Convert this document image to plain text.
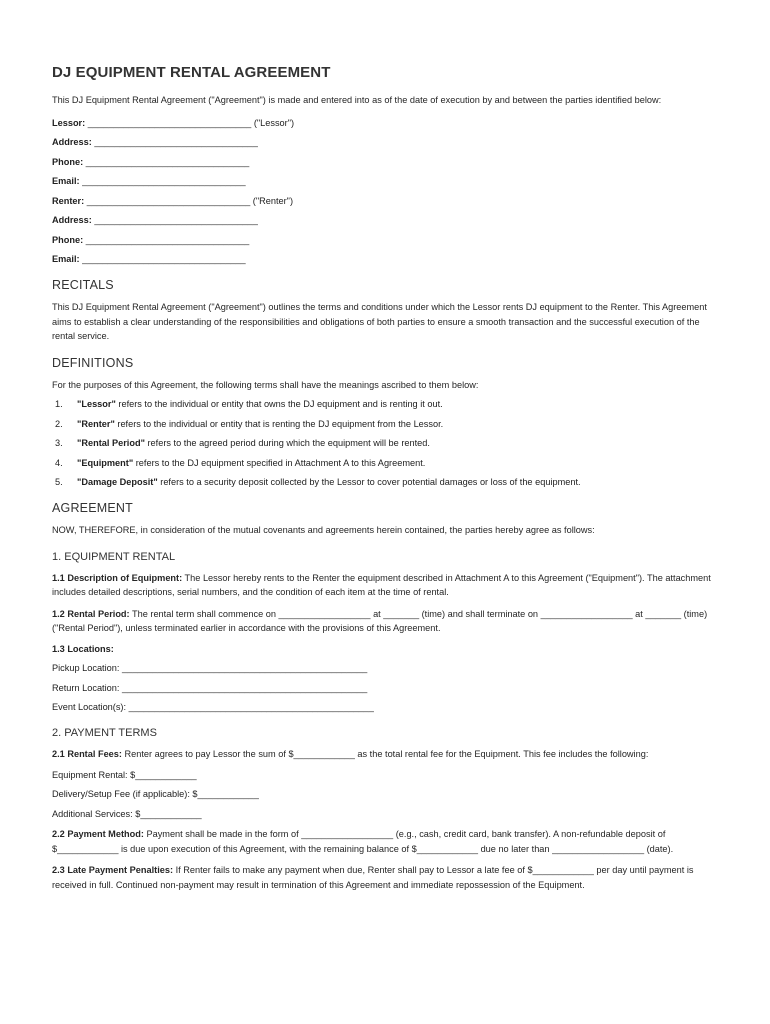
DJ EQUIPMENT RENTAL AGREEMENT

This DJ Equipment Rental Agreement ("Agreement") is made and entered into as of the date of execution by and between the parties identified below:

Lessor: ________________________________ ("Lessor")

Address: ________________________________

Phone: ________________________________

Email: ________________________________

Renter: ________________________________ ("Renter")

Address: ________________________________

Phone: ________________________________

Email: ________________________________

RECITALS

This DJ Equipment Rental Agreement ("Agreement") outlines the terms and conditions under which the Lessor rents DJ equipment to the Renter. This Agreement aims to establish a clear understanding of the responsibilities and obligations of both parties to ensure a smooth transaction and the successful execution of the rental service.

DEFINITIONS

For the purposes of this Agreement, the following terms shall have the meanings ascribed to them below:

1.	"Lessor" refers to the individual or entity that owns the DJ equipment and is renting it out.
2.	"Renter" refers to the individual or entity that is renting the DJ equipment from the Lessor.
3.	"Rental Period" refers to the agreed period during which the equipment will be rented.
4.	"Equipment" refers to the DJ equipment specified in Attachment A to this Agreement.
5.	"Damage Deposit" refers to a security deposit collected by the Lessor to cover potential damages or loss of the equipment.
AGREEMENT

NOW, THEREFORE, in consideration of the mutual covenants and agreements herein contained, the parties hereby agree as follows:

1. EQUIPMENT RENTAL

1.1 Description of Equipment: The Lessor hereby rents to the Renter the equipment described in Attachment A to this Agreement ("Equipment"). The attachment includes detailed descriptions, serial numbers, and the condition of each item at the time of rental.

1.2 Rental Period: The rental term shall commence on __________________ at _______ (time) and shall terminate on __________________ at _______ (time) ("Rental Period"), unless terminated earlier in accordance with the provisions of this Agreement.

1.3 Locations:

Pickup Location: ________________________________________________

Return Location: ________________________________________________

Event Location(s): ________________________________________________

2. PAYMENT TERMS

2.1 Rental Fees: Renter agrees to pay Lessor the sum of $____________ as the total rental fee for the Equipment. This fee includes the following:

Equipment Rental: $____________

Delivery/Setup Fee (if applicable): $____________

Additional Services: $____________

2.2 Payment Method: Payment shall be made in the form of __________________ (e.g., cash, credit card, bank transfer). A non-refundable deposit of $____________ is due upon execution of this Agreement, with the remaining balance of $____________ due no later than __________________ (date).

2.3 Late Payment Penalties: If Renter fails to make any payment when due, Renter shall pay to Lessor a late fee of $____________ per day until payment is received in full. Continued non-payment may result in termination of this Agreement and immediate repossession of the Equipment.
